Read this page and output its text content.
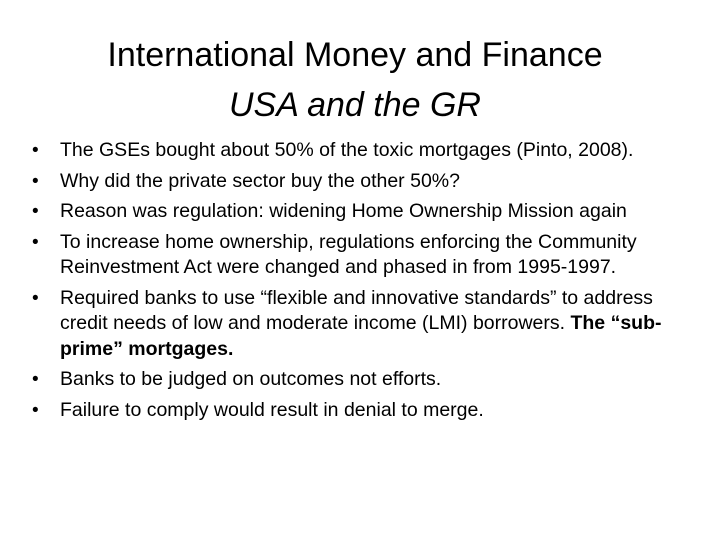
International Money and Finance
USA and the GR
• The GSEs bought about 50% of the toxic mortgages (Pinto, 2008).
• Why did the private sector buy the other 50%?
• Reason was regulation: widening Home Ownership Mission again
• To increase home ownership, regulations enforcing the Community Reinvestment Act were changed and phased in from 1995-1997.
• Required banks to use “flexible and innovative standards” to address credit needs of low and moderate income (LMI) borrowers. The “sub-prime” mortgages.
• Banks to be judged on outcomes not efforts.
• Failure to comply would result in denial to merge.
